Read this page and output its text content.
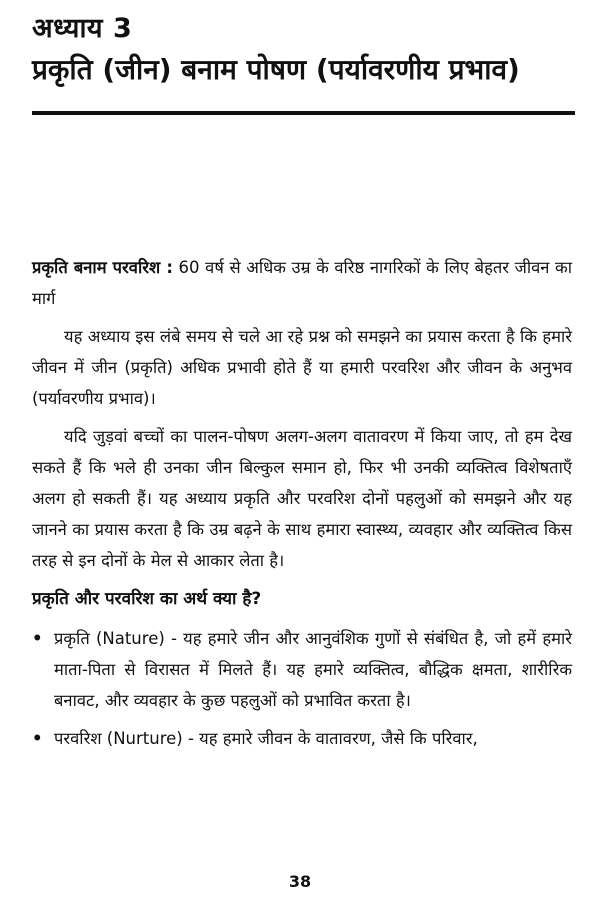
अध्याय 3
प्रकृति (जीन) बनाम पोषण (पर्यावरणीय प्रभाव)

प्रकृति बनाम परवरिश : 60 वर्ष से अधिक उम्र के वरिष्ठ नागरिकों के लिए बेहतर जीवन का मार्ग

यह अध्याय इस लंबे समय से चले आ रहे प्रश्न को समझने का प्रयास करता है कि हमारे जीवन में जीन (प्रकृति) अधिक प्रभावी होते हैं या हमारी परवरिश और जीवन के अनुभव (पर्यावरणीय प्रभाव)।

यदि जुड़वां बच्चों का पालन-पोषण अलग-अलग वातावरण में किया जाए, तो हम देख सकते हैं कि भले ही उनका जीन बिल्कुल समान हो, फिर भी उनकी व्यक्तित्व विशेषताएँ अलग हो सकती हैं। यह अध्याय प्रकृति और परवरिश दोनों पहलुओं को समझने और यह जानने का प्रयास करता है कि उम्र बढ़ने के साथ हमारा स्वास्थ्य, व्यवहार और व्यक्तित्व किस तरह से इन दोनों के मेल से आकार लेता है।

प्रकृति और परवरिश का अर्थ क्या है?
• प्रकृति (Nature) - यह हमारे जीन और आनुवंशिक गुणों से संबंधित है, जो हमें हमारे माता-पिता से विरासत में मिलते हैं। यह हमारे व्यक्तित्व, बौद्धिक क्षमता, शारीरिक बनावट, और व्यवहार के कुछ पहलुओं को प्रभावित करता है।
• परवरिश (Nurture) - यह हमारे जीवन के वातावरण, जैसे कि परिवार,
38
